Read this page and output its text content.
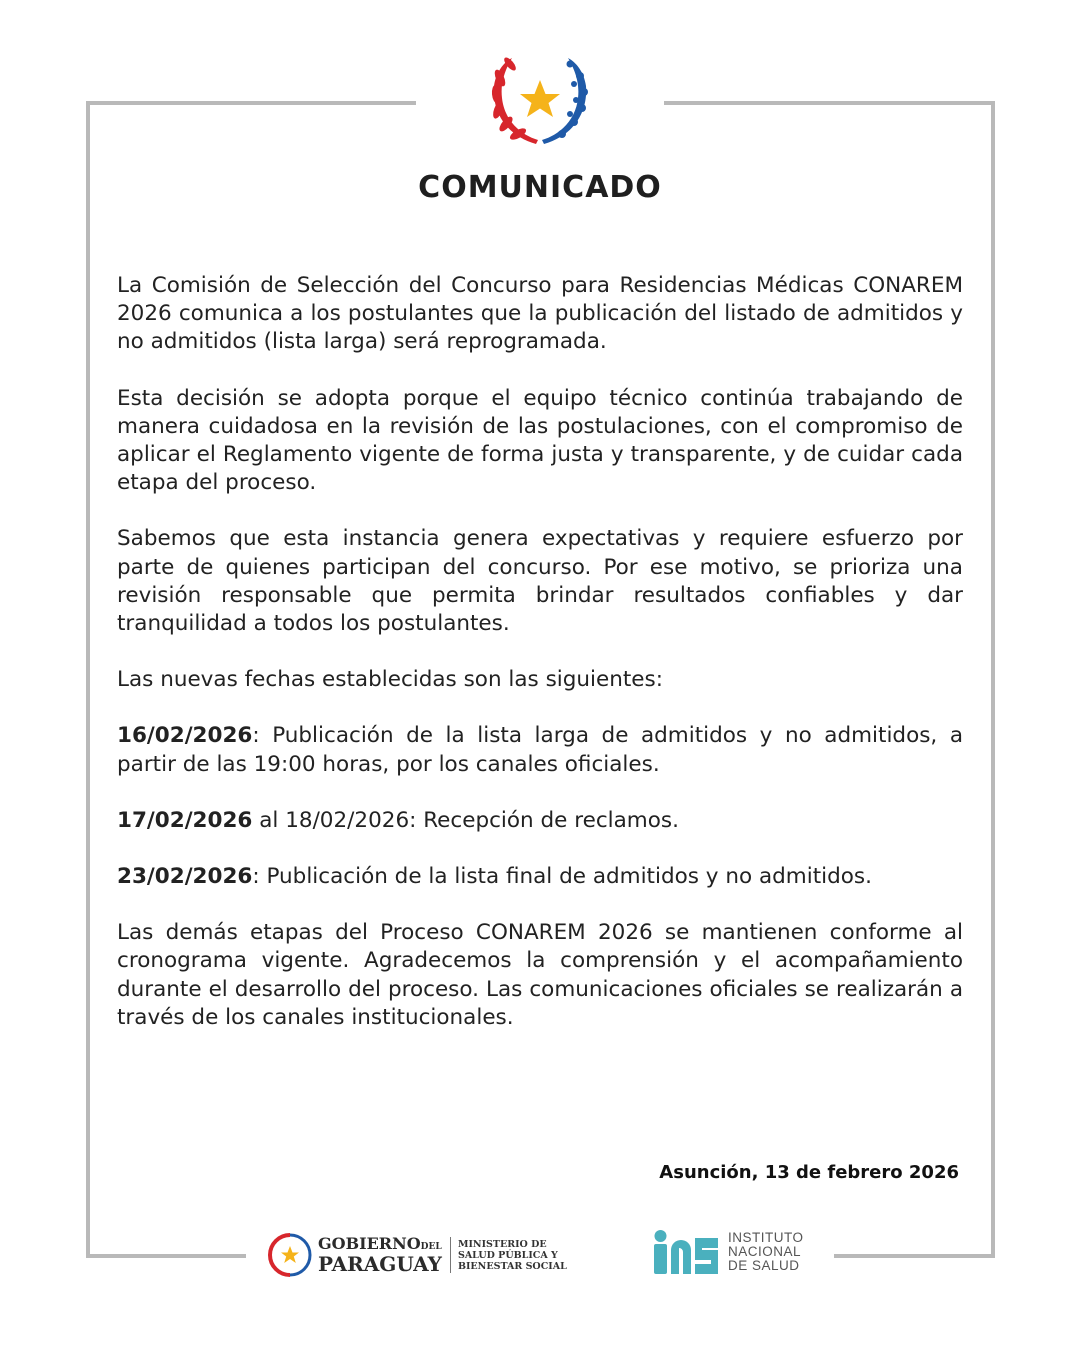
COMUNICADO

La Comisión de Selección del Concurso para Residencias Médicas CONAREM 2026 comunica a los postulantes que la publicación del listado de admitidos y no admitidos (lista larga) será reprogramada.

Esta decisión se adopta porque el equipo técnico continúa trabajando de manera cuidadosa en la revisión de las postulaciones, con el compromiso de aplicar el Reglamento vigente de forma justa y transparente, y de cuidar cada etapa del proceso.

Sabemos que esta instancia genera expectativas y requiere esfuerzo por parte de quienes participan del concurso. Por ese motivo, se prioriza una revisión responsable que permita brindar resultados confiables y dar tranquilidad a todos los postulantes.

Las nuevas fechas establecidas son las siguientes:

16/02/2026: Publicación de la lista larga de admitidos y no admitidos, a partir de las 19:00 horas, por los canales oficiales.

17/02/2026 al 18/02/2026: Recepción de reclamos.

23/02/2026: Publicación de la lista final de admitidos y no admitidos.

Las demás etapas del Proceso CONAREM 2026 se mantienen conforme al cronograma vigente. Agradecemos la comprensión y el acompañamiento durante el desarrollo del proceso. Las comunicaciones oficiales se realizarán a través de los canales institucionales.

Asunción, 13 de febrero 2026
GOBIERNODEL
PARAGUAY
MINISTERIO DE
SALUD PÚBLICA Y
BIENESTAR SOCIAL
INSTITUTO
NACIONAL
DE SALUD
